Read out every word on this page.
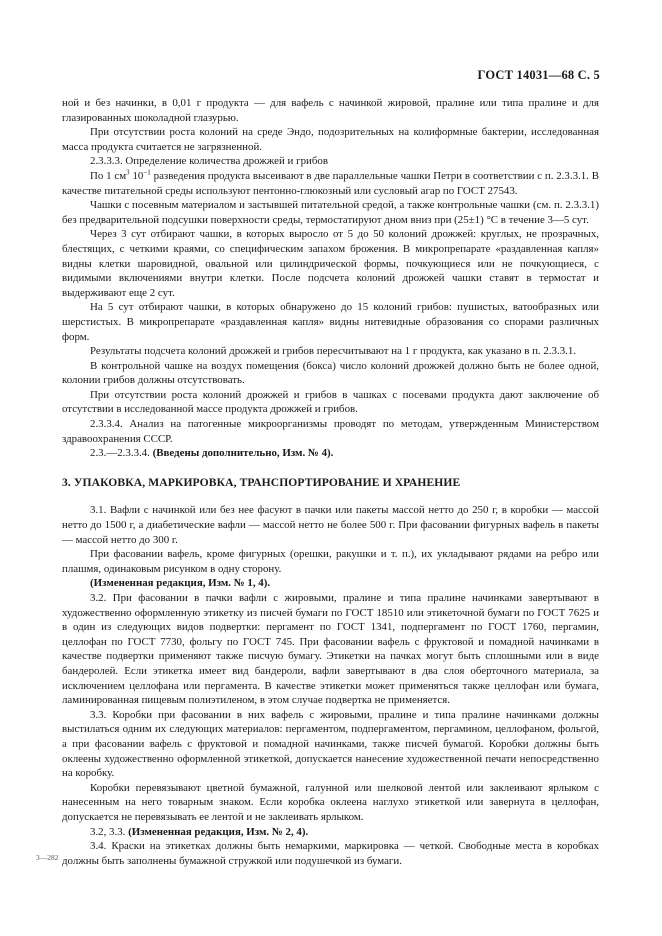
ГОСТ 14031—68 С. 5

ной и без начинки, в 0,01 г продукта — для вафель с начинкой жировой, пралине или типа пралине и для глазированных шоколадной глазурью.

При отсутствии роста колоний на среде Эндо, подозрительных на колиформные бактерии, исследованная масса продукта считается не загрязненной.

2.3.3.3. Определение количества дрожжей и грибов

По 1 $см^3$ $10^{-1}$ разведения продукта высеивают в две параллельные чашки Петри в соответствии с п. 2.3.3.1. В качестве питательной среды используют пентонно-глюкозный или сусловый агар по ГОСТ 27543.

Чашки с посевным материалом и застывшей питательной средой, а также контрольные чашки (см. п. 2.3.3.1) без предварительной подсушки поверхности среды, термостатируют дном вниз при (25±1) °С в течение 3—5 сут.

Через 3 сут отбирают чашки, в которых выросло от 5 до 50 колоний дрожжей: круглых, не прозрачных, блестящих, с четкими краями, со специфическим запахом брожения. В микропрепарате «раздавленная капля» видны клетки шаровидной, овальной или цилиндрической формы, почкующиеся или не почкующиеся, с видимыми включениями внутри клетки. После подсчета колоний дрожжей чашки ставят в термостат и выдерживают еще 2 сут.

На 5 сут отбирают чашки, в которых обнаружено до 15 колоний грибов: пушистых, ватообразных или шерстистых. В микропрепарате «раздавленная капля» видны нитевидные образования со спорами различных форм.

Результаты подсчета колоний дрожжей и грибов пересчитывают на 1 г продукта, как указано в п. 2.3.3.1.

В контрольной чашке на воздух помещения (бокса) число колоний дрожжей должно быть не более одной, колонии грибов должны отсутствовать.

При отсутствии роста колоний дрожжей и грибов в чашках с посевами продукта дают заключение об отсутствии в исследованной массе продукта дрожжей и грибов.

2.3.3.4. Анализ на патогенные микроорганизмы проводят по методам, утвержденным Министерством здравоохранения СССР.

2.3.—2.3.3.4. (Введены дополнительно, Изм. № 4).

3. УПАКОВКА, МАРКИРОВКА, ТРАНСПОРТИРОВАНИЕ И ХРАНЕНИЕ

3.1. Вафли с начинкой или без нее фасуют в пачки или пакеты массой нетто до 250 г, в коробки — массой нетто до 1500 г, а диабетические вафли — массой нетто не более 500 г. При фасовании фигурных вафель в пакеты — массой нетто до 300 г.

При фасовании вафель, кроме фигурных (орешки, ракушки и т. п.), их укладывают рядами на ребро или плашмя, одинаковым рисунком в одну сторону.

(Измененная редакция, Изм. № 1, 4).

3.2. При фасовании в пачки вафли с жировыми, пралине и типа пралине начинками завертывают в художественно оформленную этикетку из писчей бумаги по ГОСТ 18510 или этикеточной бумаги по ГОСТ 7625 и в один из следующих видов подвертки: пергамент по ГОСТ 1341, подпергамент по ГОСТ 1760, пергамин, целлофан по ГОСТ 7730, фольгу по ГОСТ 745. При фасовании вафель с фруктовой и помадной начинками в качестве подвертки применяют также писчую бумагу. Этикетки на пачках могут быть сплошными или в виде бандеролей. Если этикетка имеет вид бандероли, вафли завертывают в два слоя оберточного материала, за исключением целлофана или пергамента. В качестве этикетки может применяться также целлофан или бумага, ламинированная пищевым полиэтиленом, в этом случае подвертка не применяется.

3.3. Коробки при фасовании в них вафель с жировыми, пралине и типа пралине начинками должны выстилаться одним их следующих материалов: пергаментом, подпергаментом, пергамином, целлофаном, фольгой, а при фасовании вафель с фруктовой и помадной начинками, также писчей бумагой. Коробки должны быть оклеены художественно оформленной этикеткой, допускается нанесение художественной печати непосредственно на коробку.

Коробки перевязывают цветной бумажной, галунной или шелковой лентой или заклеивают ярлыком с нанесенным на него товарным знаком. Если коробка оклеена наглухо этикеткой или завернута в целлофан, допускается не перевязывать ее лентой и не заклеивать ярлыком.

3.2, 3.3. (Измененная редакция, Изм. № 2, 4).

3.4. Краски на этикетках должны быть немаркими, маркировка — четкой. Свободные места в коробках должны быть заполнены бумажной стружкой или подушечкой из бумаги.

3—282
